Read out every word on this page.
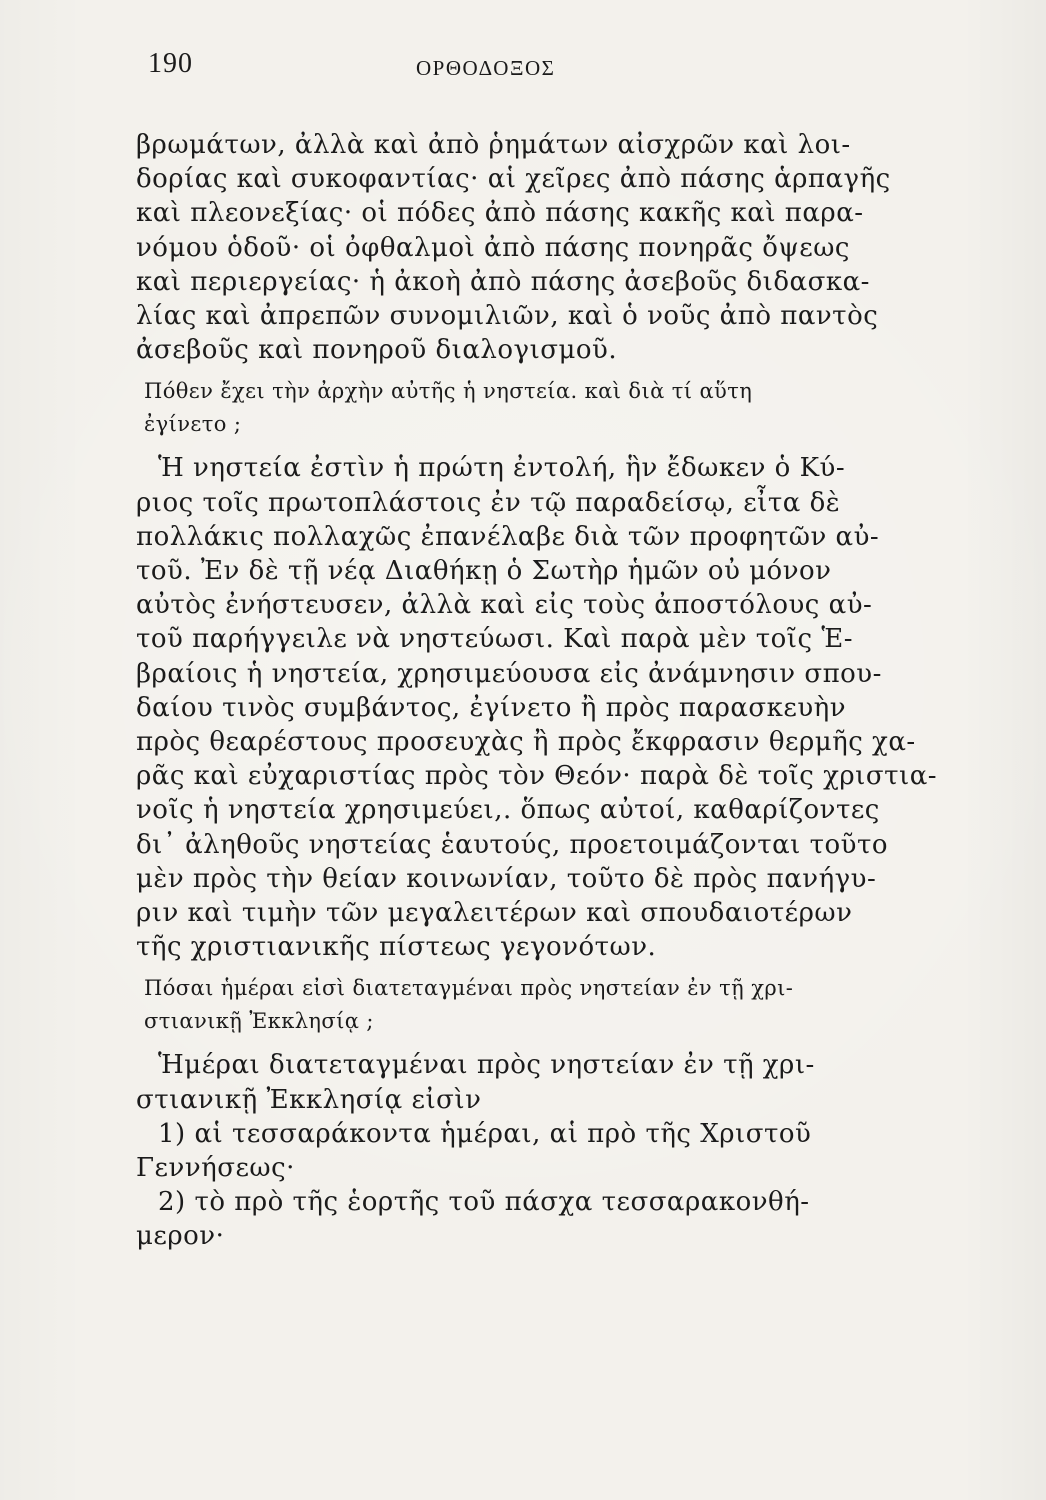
190	ΟΡΘΟΔΟΞΟΣ
βρωμάτων, ἀλλὰ καὶ ἀπὸ ῥημάτων αἰσχρῶν καὶ λοι-
δορίας καὶ συκοφαντίας· αἱ χεῖρες ἀπὸ πάσης ἁρπαγῆς
καὶ πλεονεξίας· οἱ πόδες ἀπὸ πάσης κακῆς καὶ παρα-
νόμου ὁδοῦ· οἱ ὀφθαλμοὶ ἀπὸ πάσης πονηρᾶς ὄψεως
καὶ περιεργείας· ἡ ἀκοὴ ἀπὸ πάσης ἀσεβοῦς διδασκα-
λίας καὶ ἀπρεπῶν συνομιλιῶν, καὶ ὁ νοῦς ἀπὸ παντὸς
ἀσεβοῦς καὶ πονηροῦ διαλογισμοῦ.
Πόθεν ἔχει τὴν ἀρχὴν αὐτῆς ἡ νηστεία. καὶ διὰ τί αὕτη
ἐγίνετο ;
Ἡ νηστεία ἐστὶν ἡ πρώτη ἐντολή, ἣν ἔδωκεν ὁ Κύ-
ριος τοῖς πρωτοπλάστοις ἐν τῷ παραδείσῳ, εἶτα δὲ
πολλάκις πολλαχῶς ἐπανέλαβε διὰ τῶν προφητῶν αὐ-
τοῦ. Ἐν δὲ τῇ νέᾳ Διαθήκῃ ὁ Σωτὴρ ἡμῶν οὐ μόνον
αὐτὸς ἐνήστευσεν, ἀλλὰ καὶ εἰς τοὺς ἀποστόλους αὐ-
τοῦ παρήγγειλε νὰ νηστεύωσι. Καὶ παρὰ μὲν τοῖς Ἑ-
βραίοις ἡ νηστεία, χρησιμεύουσα εἰς ἀνάμνησιν σπου-
δαίου τινὸς συμβάντος, ἐγίνετο ἢ πρὸς παρασκευὴν
πρὸς θεαρέστους προσευχὰς ἢ πρὸς ἔκφρασιν θερμῆς χα-
ρᾶς καὶ εὐχαριστίας πρὸς τὸν Θεόν· παρὰ δὲ τοῖς χριστια-
νοῖς ἡ νηστεία χρησιμεύει,. ὅπως αὐτοί, καθαρίζοντες
δι᾽ ἀληθοῦς νηστείας ἑαυτούς, προετοιμάζονται τοῦτο
μὲν πρὸς τὴν θείαν κοινωνίαν, τοῦτο δὲ πρὸς πανήγυ-
ριν καὶ τιμὴν τῶν μεγαλειτέρων καὶ σπουδαιοτέρων
τῆς χριστιανικῆς πίστεως γεγονότων.
Πόσαι ἡμέραι εἰσὶ διατεταγμέναι πρὸς νηστείαν ἐν τῇ χρι-
στιανικῇ Ἐκκλησίᾳ ;
Ἡμέραι διατεταγμέναι πρὸς νηστείαν ἐν τῇ χρι-
στιανικῇ Ἐκκλησίᾳ εἰσὶν
1) αἱ τεσσαράκοντα ἡμέραι, αἱ πρὸ τῆς Χριστοῦ
Γεννήσεως·
2) τὸ πρὸ τῆς ἑορτῆς τοῦ πάσχα τεσσαρακονθή-
μερον·
